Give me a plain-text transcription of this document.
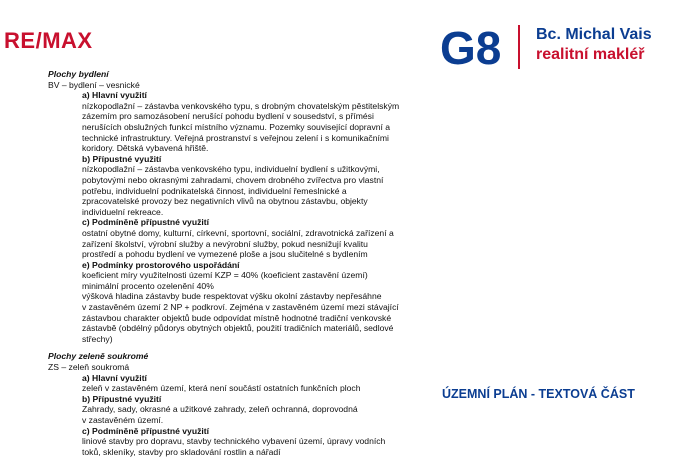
RE/MAX	G8 Bc. Michal Vais
realitní makléř
ÚZEMNÍ PLÁN - TEXTOVÁ ČÁST

Plochy bydlení

BV – bydlení – vesnické

a) Hlavní využití

nízkopodlažní – zástavba venkovského typu, s drobným chovatelským pěstitelským

zázemím pro samozásobení nerušící pohodu bydlení v sousedství, s přímési

nerušících obslužných funkcí místního významu. Pozemky související dopravní a

technické infrastruktury. Veřejná prostranství s veřejnou zelení i s komunikačními

koridory. Dětská vybavená hřiště.

b) Přípustné využití

nízkopodlažní – zástavba venkovského typu, individuelní bydlení s užitkovými,

pobytovými nebo okrasnými zahradami, chovem drobného zvířectva pro vlastní

potřebu, individuelní podnikatelská činnost, individuelní řemeslnické a

zpracovatelské provozy bez negativních vlivů na obytnou zástavbu, objekty

individuelní rekreace.

c) Podmíněně přípustné využití

ostatní obytné domy, kulturní, církevní, sportovní, sociální, zdravotnická zařízení a

zařízení školství, výrobní služby a nevýrobní služby, pokud nesnižují kvalitu

prostředí a pohodu bydlení ve vymezené ploše a jsou slučitelné s bydlením

e) Podmínky prostorového uspořádání

koeficient míry využitelnosti území KZP = 40% (koeficient zastavění území)

minimální procento ozelenění 40%

výšková hladina zástavby bude respektovat výšku okolní zástavby nepřesáhne

v zastavěném území 2 NP + podkroví. Zejména v zastavěném území mezi stávající

zástavbou charakter objektů bude odpovídat místně hodnotné tradiční venkovské

zástavbě (obdélný půdorys obytných objektů, použití tradičních materiálů, sedlové

střechy)

Plochy zeleně soukromé

ZS – zeleň soukromá

a) Hlavní využití

zeleň v zastavěném území, která není součástí ostatních funkčních ploch

b) Přípustné využití

Zahrady, sady, okrasné a užitkové zahrady, zeleň ochranná, doprovodná

v zastavěném území.

c) Podmíněně přípustné využití

liniové stavby pro dopravu, stavby technického vybavení území, úpravy vodních

toků, skleníky, stavby pro skladování rostlin a nářadí
